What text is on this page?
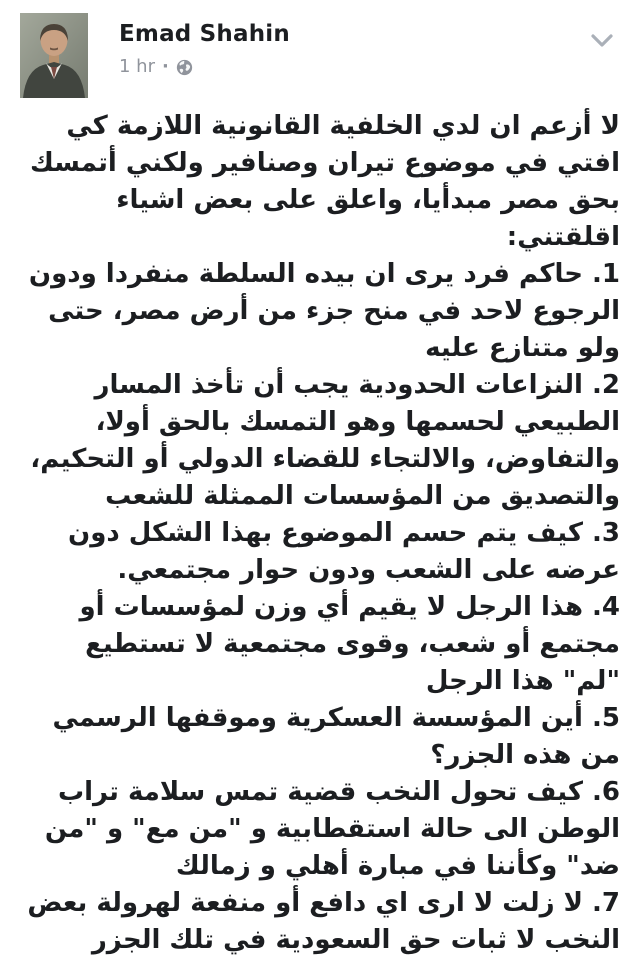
Emad Shahin
1 hr ·

لا أزعم ان لدي الخلفية القانونية اللازمة كي افتي في موضوع تيران وصنافير ولكني أتمسك بحق مصر مبدأيا، واعلق على بعض اشياء اقلقتني:

1. حاكم فرد يرى ان بيده السلطة منفردا ودون الرجوع لاحد في منح جزء من أرض مصر، حتى ولو متنازع عليه

2. النزاعات الحدودية يجب أن تأخذ المسار الطبيعي لحسمها وهو التمسك بالحق أولا، والتفاوض، والالتجاء للقضاء الدولي أو التحكيم، والتصديق من المؤسسات الممثلة للشعب

3. كيف يتم حسم الموضوع بهذا الشكل دون عرضه على الشعب ودون حوار مجتمعي.

4. هذا الرجل لا يقيم أي وزن لمؤسسات أو مجتمع أو شعب، وقوى مجتمعية لا تستطيع "لم" هذا الرجل

5. أين المؤسسة العسكرية وموقفها الرسمي من هذه الجزر؟

6. كيف تحول النخب قضية تمس سلامة تراب الوطن الى حالة استقطابية و "من مع" و "من ضد" وكأننا في مبارة أهلي و زمالك

7. لا زلت لا ارى اي دافع أو منفعة لهرولة بعض النخب لا ثبات حق السعودية في تلك الجزر
